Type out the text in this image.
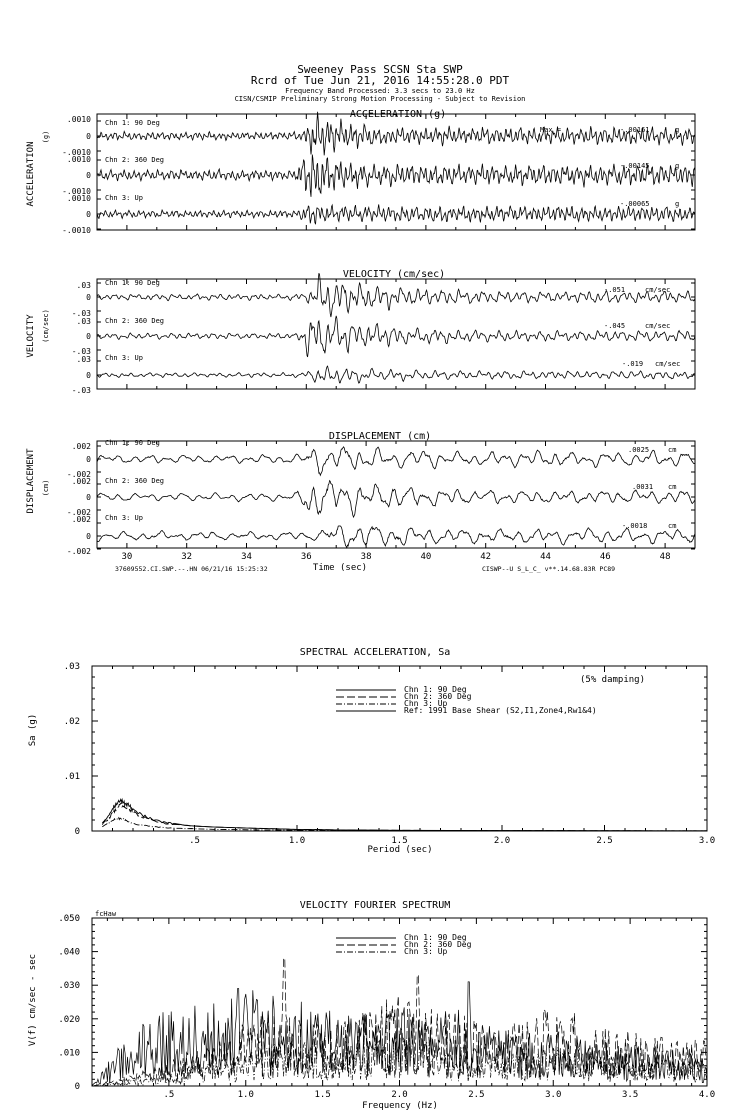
Sweeney Pass SCSN Sta SWP
Rcrd of Tue Jun 21, 2016 14:55:28.0 PDT
Frequency Band Processed: 3.3 secs to 23.0 Hz
CISN/CSMIP Preliminary Strong Motion Processing - Subject to Revision
ACCELERATION (g)
ACCELERATION
(g)
Max =
Chn 1: 90 Deg
-.00161	g
.0010
0
-.0010
Chn 2: 360 Deg
-.00145	g
.0010
0
-.0010
Chn 3: Up
-.00065	g
.0010
0
-.0010
VELOCITY (cm/sec)
VELOCITY (cm/sec)
Chn 1: 90 Deg
-.051	cm/sec
.03
0
-.03
Chn 2: 360 Deg
-.045	cm/sec
.03
0
-.03
Chn 3: Up
-.019 cm/sec
.03
0
-.03
DISPLACEMENT (cm)
DISPLACEMENT (cm)
Chn 1: 90 Deg
.0025	cm
.002
0
-.002
Chn 2: 360 Deg
.0031 cm
.002
0
-.002
Chn 3: Up
-.0018	cm
.002
0
-.002
30	32	34	36	38	40	42	44	46	48
Time (sec)
37609552.CI.SWP.--.HN 06/21/16 15:25:32	CISWP--U S_L_C_ v**.14.68.83R PC89
SPECTRAL ACCELERATION, Sa
Sa (g)
Period (sec)
(5% damping)
Chn 1: 90 Deg
Chn 2: 360 Deg
Chn 3: Up
Ref: 1991 Base Shear (S2,I1,Zone4,Rw1&4)
0
.01
.02
.03
.5	1.0	1.5	2.0	2.5	3.0
VELOCITY FOURIER SPECTRUM
fcHaw
V(f) cm/sec - sec
Frequency (Hz)
Chn 1: 90 Deg
Chn 2: 360 Deg
Chn 3: Up
0
.010
.020
.030
.040
.050
.5	1.0	1.5	2.0	2.5	3.0	3.5	4.0
